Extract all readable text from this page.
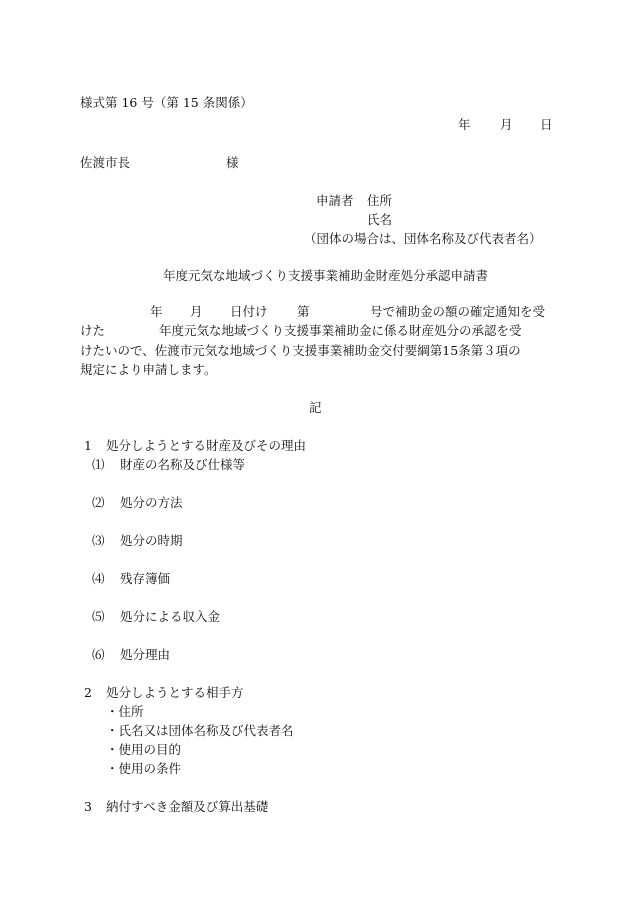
様式第 16 号（第 15 条関係）
年 月 日
佐渡市長	様
申請者 住所
氏名
（団体の場合は、団体名称及び代表者名）
年度元気な地域づくり支援事業補助金財産処分承認申請書
年 月 日付け 第	号で補助金の額の確定通知を受
けた	年度元気な地域づくり支援事業補助金に係る財産処分の承認を受
けたいので、佐渡市元気な地域づくり支援事業補助金交付要綱第15条第３項の
規定により申請します。
記
1 処分しようとする財産及びその理由
⑴ 財産の名称及び仕様等
⑵ 処分の方法
⑶ 処分の時期
⑷ 残存簿価
⑸ 処分による収入金
⑹ 処分理由
2 処分しようとする相手方
・住所
・氏名又は団体名称及び代表者名
・使用の目的
・使用の条件
3 納付すべき金額及び算出基礎
